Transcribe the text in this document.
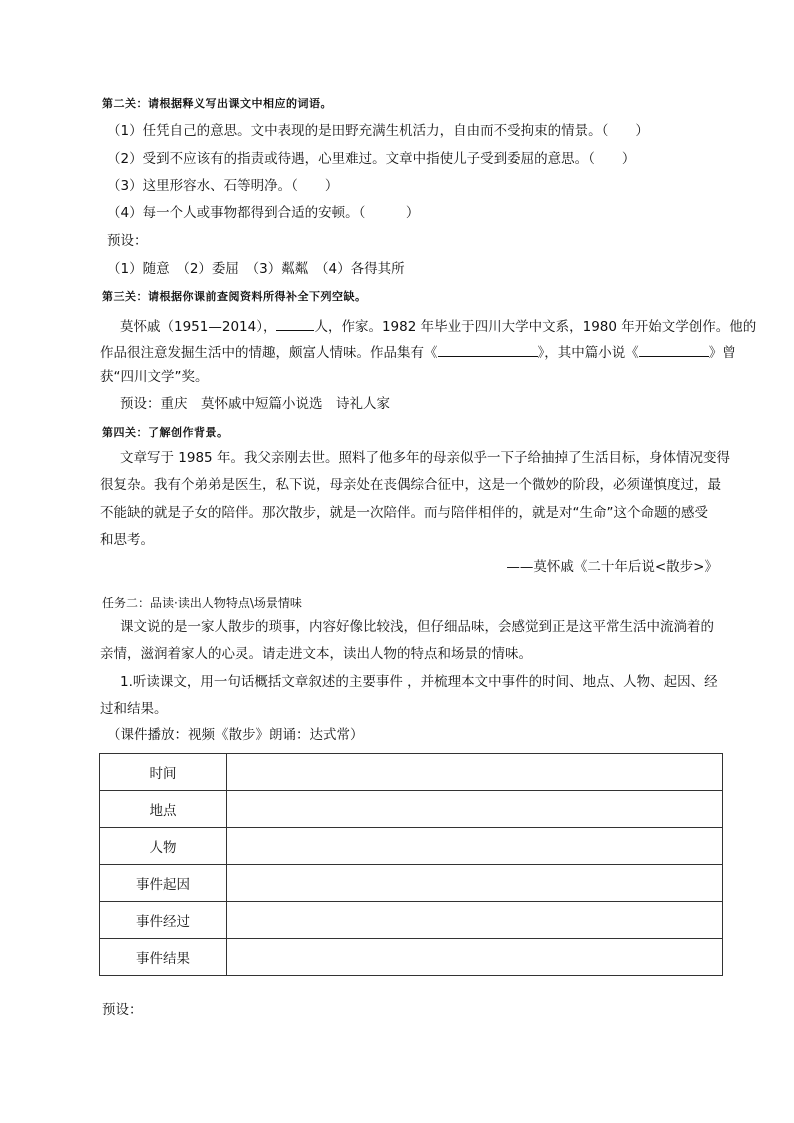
第二关：请根据释义写出课文中相应的词语。
（1）任凭自己的意思。文中表现的是田野充满生机活力，自由而不受拘束的情景。（　　）
（2）受到不应该有的指责或待遇，心里难过。文章中指使儿子受到委屈的意思。（　　）
（3）这里形容水、石等明净。（　　）
（4）每一个人或事物都得到合适的安顿。（　　　）
预设：
（1）随意　（2）委屈　（3）粼粼　（4）各得其所
第三关：请根据你课前查阅资料所得补全下列空缺。
莫怀戚（1951—2014），	人，作家。1982 年毕业于四川大学中文系，1980 年开始文学创作。他的
作品很注意发掘生活中的情趣，颇富人情味。作品集有《	》，其中篇小说《	》曾
获“四川文学”奖。
预设：重庆　莫怀戚中短篇小说选　诗礼人家
第四关：了解创作背景。
文章写于 1985 年。我父亲刚去世。照料了他多年的母亲似乎一下子给抽掉了生活目标，身体情况变得
很复杂。我有个弟弟是医生，私下说，母亲处在丧偶综合征中，这是一个微妙的阶段，必须谨慎度过，最
不能缺的就是子女的陪伴。那次散步，就是一次陪伴。而与陪伴相伴的，就是对“生命”这个命题的感受
和思考。
——莫怀戚《二十年后说<散步>》
任务二：品读·读出人物特点\场景情味
课文说的是一家人散步的琐事，内容好像比较浅，但仔细品味，会感觉到正是这平常生活中流淌着的
亲情，滋润着家人的心灵。请走进文本，读出人物的特点和场景的情味。
1.听读课文，用一句话概括文章叙述的主要事件 ，并梳理本文中事件的时间、地点、人物、起因、经
过和结果。
（课件播放：视频《散步》朗诵：达式常）
时间	
地点	
人物	
事件起因	
事件经过	
事件结果	
预设：
